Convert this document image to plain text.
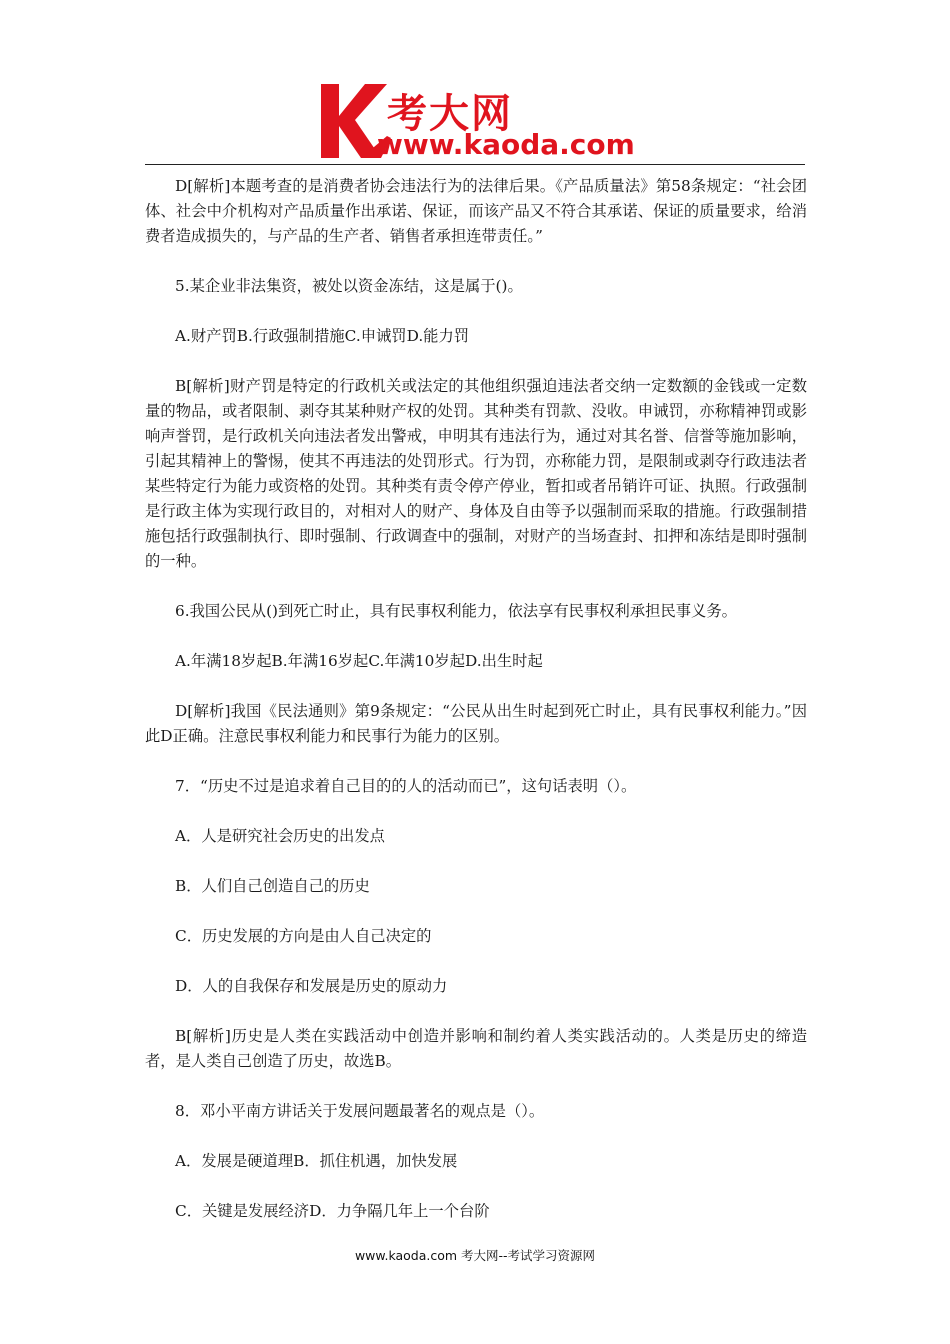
考大网
www.kaoda.com

D[解析]本题考查的是消费者协会违法行为的法律后果。《产品质量法》第58条规定：“社会团体、社会中介机构对产品质量作出承诺、保证，而该产品又不符合其承诺、保证的质量要求，给消费者造成损失的，与产品的生产者、销售者承担连带责任。”

5.某企业非法集资，被处以资金冻结，这是属于()。

A.财产罚B.行政强制措施C.申诫罚D.能力罚

B[解析]财产罚是特定的行政机关或法定的其他组织强迫违法者交纳一定数额的金钱或一定数量的物品，或者限制、剥夺其某种财产权的处罚。其种类有罚款、没收。申诫罚，亦称精神罚或影响声誉罚，是行政机关向违法者发出警戒，申明其有违法行为，通过对其名誉、信誉等施加影响，引起其精神上的警惕，使其不再违法的处罚形式。行为罚，亦称能力罚，是限制或剥夺行政违法者某些特定行为能力或资格的处罚。其种类有责令停产停业，暂扣或者吊销许可证、执照。行政强制是行政主体为实现行政目的，对相对人的财产、身体及自由等予以强制而采取的措施。行政强制措施包括行政强制执行、即时强制、行政调查中的强制，对财产的当场查封、扣押和冻结是即时强制的一种。

6.我国公民从()到死亡时止，具有民事权利能力，依法享有民事权利承担民事义务。

A.年满18岁起B.年满16岁起C.年满10岁起D.出生时起

D[解析]我国《民法通则》第9条规定：“公民从出生时起到死亡时止，具有民事权利能力。”因此D正确。注意民事权利能力和民事行为能力的区别。

7．“历史不过是追求着自己目的的人的活动而已”，这句话表明（）。

A．人是研究社会历史的出发点

B．人们自己创造自己的历史

C．历史发展的方向是由人自己决定的

D．人的自我保存和发展是历史的原动力

B[解析]历史是人类在实践活动中创造并影响和制约着人类实践活动的。人类是历史的缔造者，是人类自己创造了历史，故选B。

8．邓小平南方讲话关于发展问题最著名的观点是（）。

A．发展是硬道理B．抓住机遇，加快发展

C．关键是发展经济D．力争隔几年上一个台阶

www.kaoda.com 考大网--考试学习资源网
